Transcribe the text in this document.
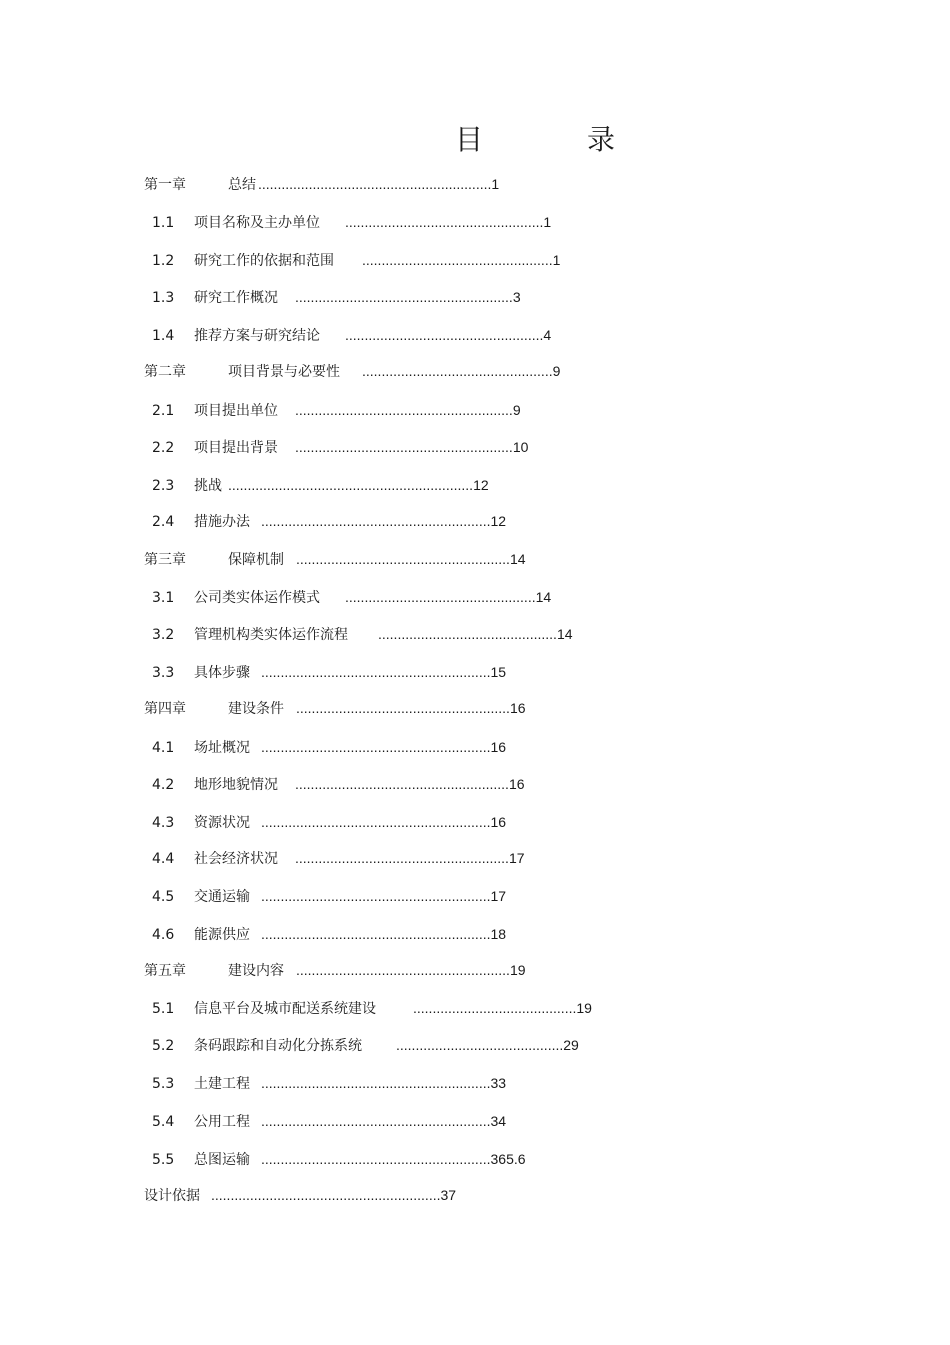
目　录
第一章	总结 ............................................................1
1.1 项目名称及主办单位 ...................................................1
1.2 研究工作的依据和范围 .................................................1
1.3 研究工作概况 ........................................................3
1.4 推荐方案与研究结论 ...................................................4
第二章	项目背景与必要性 .................................................9
2.1 项目提出单位 ........................................................9
2.2 项目提出背景 ........................................................10
2.3 挑战 ...............................................................12
2.4 措施办法 ...........................................................12
第三章	保障机制 .......................................................14
3.1 公司类实体运作模式 .................................................14
3.2 管理机构类实体运作流程 ..............................................14
3.3 具体步骤 ...........................................................15
第四章	建设条件 .......................................................16
4.1 场址概况 ...........................................................16
4.2 地形地貌情况 .......................................................16
4.3 资源状况 ...........................................................16
4.4 社会经济状况 .......................................................17
4.5 交通运输 ...........................................................17
4.6 能源供应 ...........................................................18
第五章	建设内容 .......................................................19
5.1 信息平台及城市配送系统建设	..........................................19
5.2 条码跟踪和自动化分拣系统 ...........................................29
5.3 土建工程 ...........................................................33
5.4 公用工程 ...........................................................34
5.5 总图运输 ...........................................................365.6
设计依据 ...........................................................37
